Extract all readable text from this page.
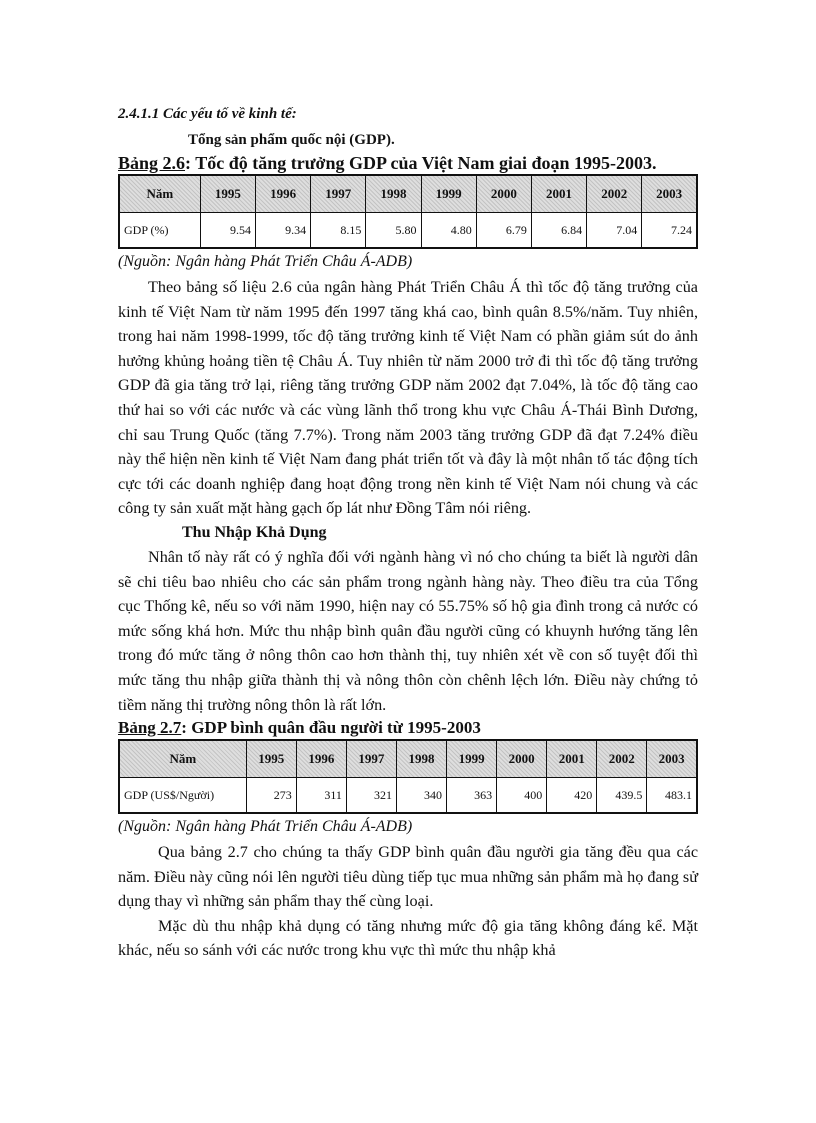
2.4.1.1 Các yếu tố về kinh tế:

Tổng sản phẩm quốc nội (GDP).

Bảng 2.6: Tốc độ tăng trưởng GDP của Việt Nam giai đoạn 1995-2003.

Năm	1995	1996	1997	1998	1999	2000	2001	2002	2003
GDP (%)	9.54	9.34	8.15	5.80	4.80	6.79	6.84	7.04	7.24

(Nguồn: Ngân hàng Phát Triển Châu Á-ADB)

Theo bảng số liệu 2.6 của ngân hàng Phát Triển Châu Á thì tốc độ tăng trưởng của kinh tế Việt Nam từ năm 1995 đến 1997 tăng khá cao, bình quân 8.5%/năm. Tuy nhiên, trong hai năm 1998-1999, tốc độ tăng trưởng kinh tế Việt Nam có phần giảm sút do ảnh hưởng khủng hoảng tiền tệ Châu Á. Tuy nhiên từ năm 2000 trở đi thì tốc độ tăng trưởng GDP đã gia tăng trở lại, riêng tăng trưởng GDP năm 2002 đạt 7.04%, là tốc độ tăng cao thứ hai so với các nước và các vùng lãnh thổ trong khu vực Châu Á-Thái Bình Dương, chỉ sau Trung Quốc (tăng 7.7%). Trong năm 2003 tăng trưởng GDP đã đạt 7.24% điều này thể hiện nền kinh tế Việt Nam đang phát triển tốt và đây là một nhân tố tác động tích cực tới các doanh nghiệp đang hoạt động trong nền kinh tế Việt Nam nói chung và các công ty sản xuất mặt hàng gạch ốp lát như Đồng Tâm nói riêng.

Thu Nhập Khả Dụng

Nhân tố này rất có ý nghĩa đối với ngành hàng vì nó cho chúng ta biết là người dân sẽ chi tiêu bao nhiêu cho các sản phẩm trong ngành hàng này. Theo điều tra của Tổng cục Thống kê, nếu so với năm 1990, hiện nay có 55.75% số hộ gia đình trong cả nước có mức sống khá hơn. Mức thu nhập bình quân đầu người cũng có khuynh hướng tăng lên trong đó mức tăng ở nông thôn cao hơn thành thị, tuy nhiên xét về con số tuyệt đối thì mức tăng thu nhập giữa thành thị và nông thôn còn chênh lệch lớn. Điều này chứng tỏ tiềm năng thị trường nông thôn là rất lớn.

Bảng 2.7: GDP bình quân đầu người từ 1995-2003

Năm	1995	1996	1997	1998	1999	2000	2001	2002	2003
GDP (US$/Người)	273	311	321	340	363	400	420	439.5	483.1

(Nguồn: Ngân hàng Phát Triển Châu Á-ADB)

Qua bảng 2.7 cho chúng ta thấy GDP bình quân đầu người gia tăng đều qua các năm. Điều này cũng nói lên người tiêu dùng tiếp tục mua những sản phẩm mà họ đang sử dụng thay vì những sản phẩm thay thế cùng loại.

Mặc dù thu nhập khả dụng có tăng nhưng mức độ gia tăng không đáng kể. Mặt khác, nếu so sánh với các nước trong khu vực thì mức thu nhập khả
